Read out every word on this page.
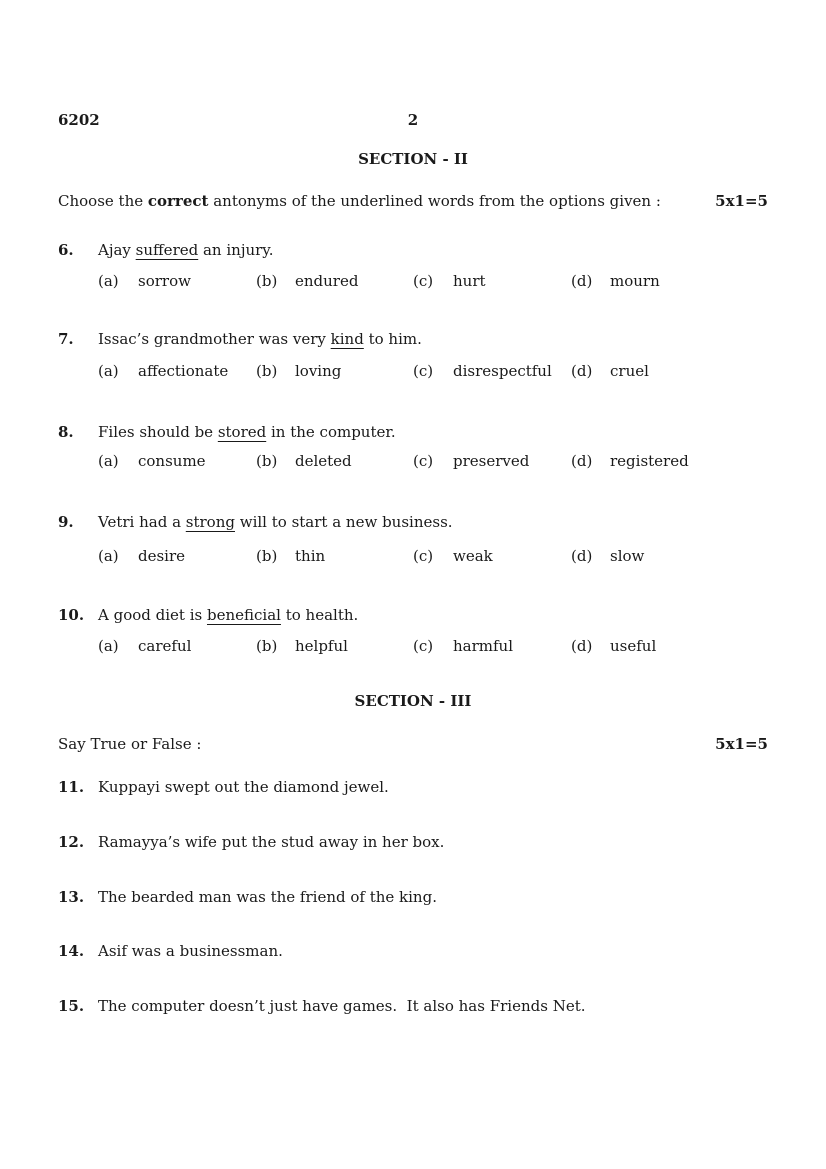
6202	2
SECTION - II
Choose the correct antonyms of the underlined words from the options given :	5x1=5
6. Ajay suffered an injury.
(a) sorrow	(b) endured	(c) hurt	(d) mourn
7. Issac’s grandmother was very kind to him.
(a) affectionate (b) loving	(c) disrespectful (d) cruel
8. Files should be stored in the computer.
(a) consume	(b) deleted	(c) preserved	(d) registered
9. Vetri had a strong will to start a new business.
(a) desire	(b) thin	(c) weak	(d) slow
10. A good diet is beneficial to health.
(a) careful	(b) helpful	(c) harmful	(d) useful
SECTION - III
Say True or False :	5x1=5
11. Kuppayi swept out the diamond jewel.
12. Ramayya’s wife put the stud away in her box.
13. The bearded man was the friend of the king.
14. Asif was a businessman.
15. The computer doesn’t just have games.  It also has Friends Net.
